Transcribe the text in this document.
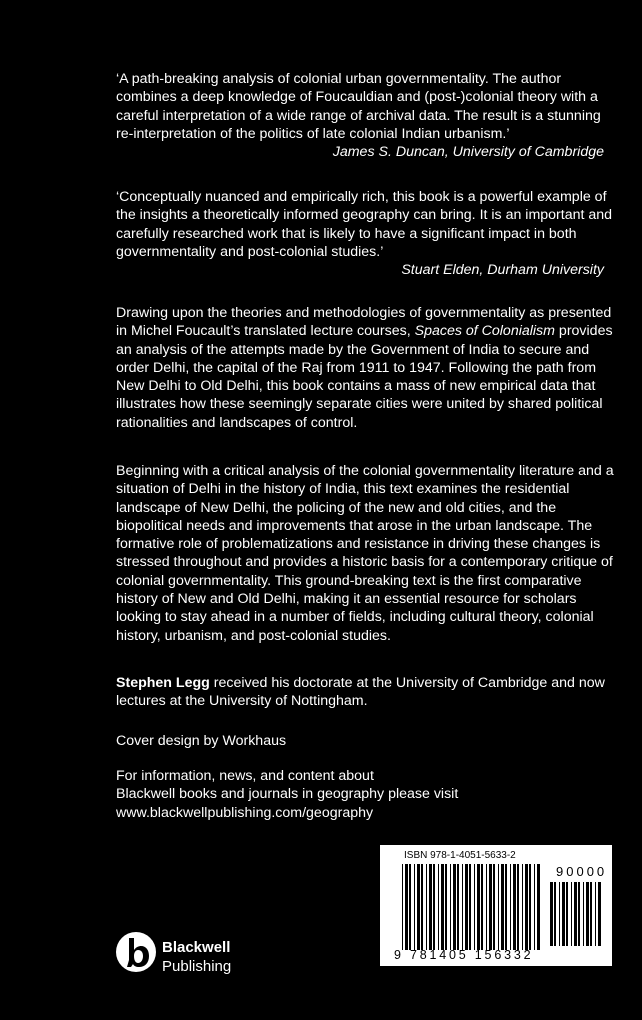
‘A path-breaking analysis of colonial urban governmentality. The author combines a deep knowledge of Foucauldian and (post-)colonial theory with a careful interpretation of a wide range of archival data. The result is a stunning re-interpretation of the politics of late colonial Indian urbanism.’

James S. Duncan, University of Cambridge

‘Conceptually nuanced and empirically rich, this book is a powerful example of the insights a theoretically informed geography can bring. It is an important and carefully researched work that is likely to have a significant impact in both governmentality and post-colonial studies.’

Stuart Elden, Durham University

Drawing upon the theories and methodologies of governmentality as presented in Michel Foucault’s translated lecture courses, Spaces of Colonialism provides an analysis of the attempts made by the Government of India to secure and order Delhi, the capital of the Raj from 1911 to 1947. Following the path from New Delhi to Old Delhi, this book contains a mass of new empirical data that illustrates how these seemingly separate cities were united by shared political rationalities and landscapes of control.

Beginning with a critical analysis of the colonial governmentality literature and a situation of Delhi in the history of India, this text examines the residential landscape of New Delhi, the policing of the new and old cities, and the biopolitical needs and improvements that arose in the urban landscape. The formative role of problematizations and resistance in driving these changes is stressed throughout and provides a historic basis for a contemporary critique of colonial governmentality. This ground-breaking text is the first comparative history of New and Old Delhi, making it an essential resource for scholars looking to stay ahead in a number of fields, including cultural theory, colonial history, urbanism, and post-colonial studies.

Stephen Legg received his doctorate at the University of Cambridge and now lectures at the University of Nottingham.

Cover design by Workhaus

For information, news, and content about

Blackwell books and journals in geography please visit

www.blackwellpublishing.com/geography

Blackwell
Publishing
ISBN 978-1-4051-5633-2
90000
9 781405 156332
